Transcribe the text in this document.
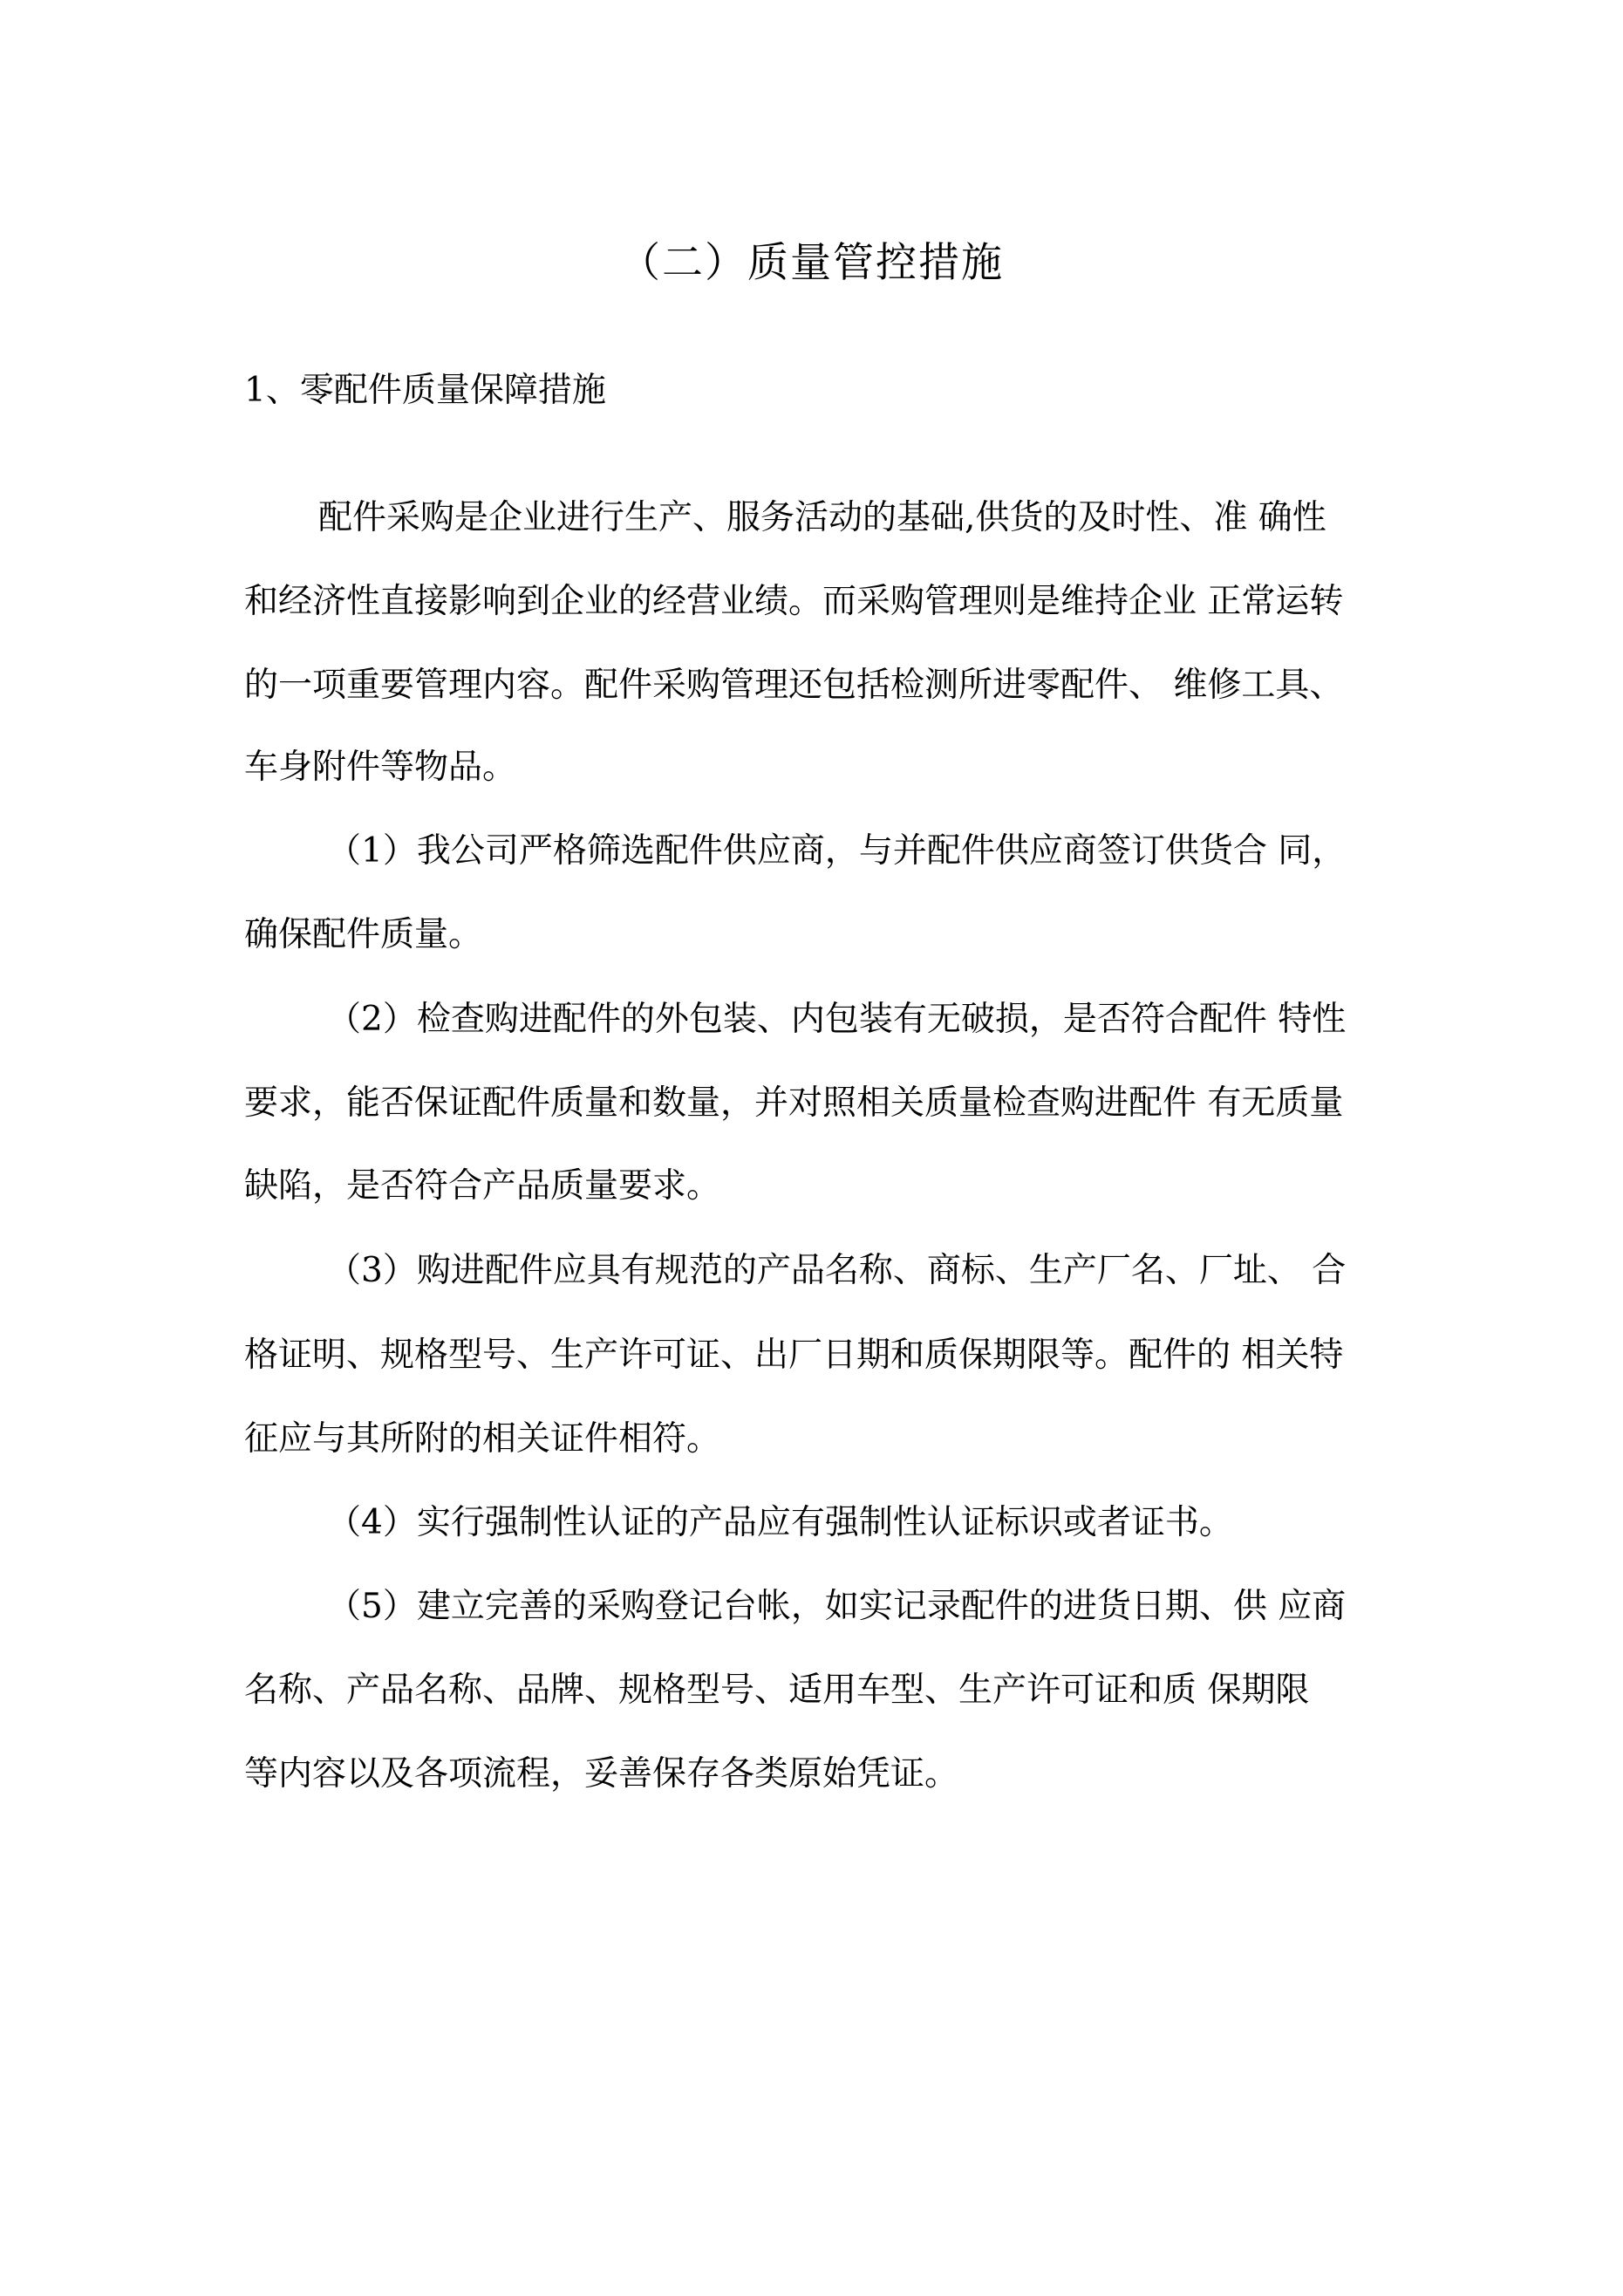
（二）质量管控措施
1、零配件质量保障措施
配件采购是企业进行生产、服务活动的基础,供货的及时性、准 确性
和经济性直接影响到企业的经营业绩。而采购管理则是维持企业 正常运转
的一项重要管理内容。配件采购管理还包括检测所进零配件、 维修工具、
车身附件等物品。
（1）我公司严格筛选配件供应商，与并配件供应商签订供货合 同，
确保配件质量。
（2）检查购进配件的外包装、内包装有无破损，是否符合配件 特性
要求，能否保证配件质量和数量，并对照相关质量检查购进配件 有无质量
缺陷，是否符合产品质量要求。
（3）购进配件应具有规范的产品名称、商标、生产厂名、厂址、 合
格证明、规格型号、生产许可证、出厂日期和质保期限等。配件的 相关特
征应与其所附的相关证件相符。
（4）实行强制性认证的产品应有强制性认证标识或者证书。
（5）建立完善的采购登记台帐，如实记录配件的进货日期、供 应商
名称、产品名称、品牌、规格型号、适用车型、生产许可证和质 保期限
等内容以及各项流程，妥善保存各类原始凭证。
